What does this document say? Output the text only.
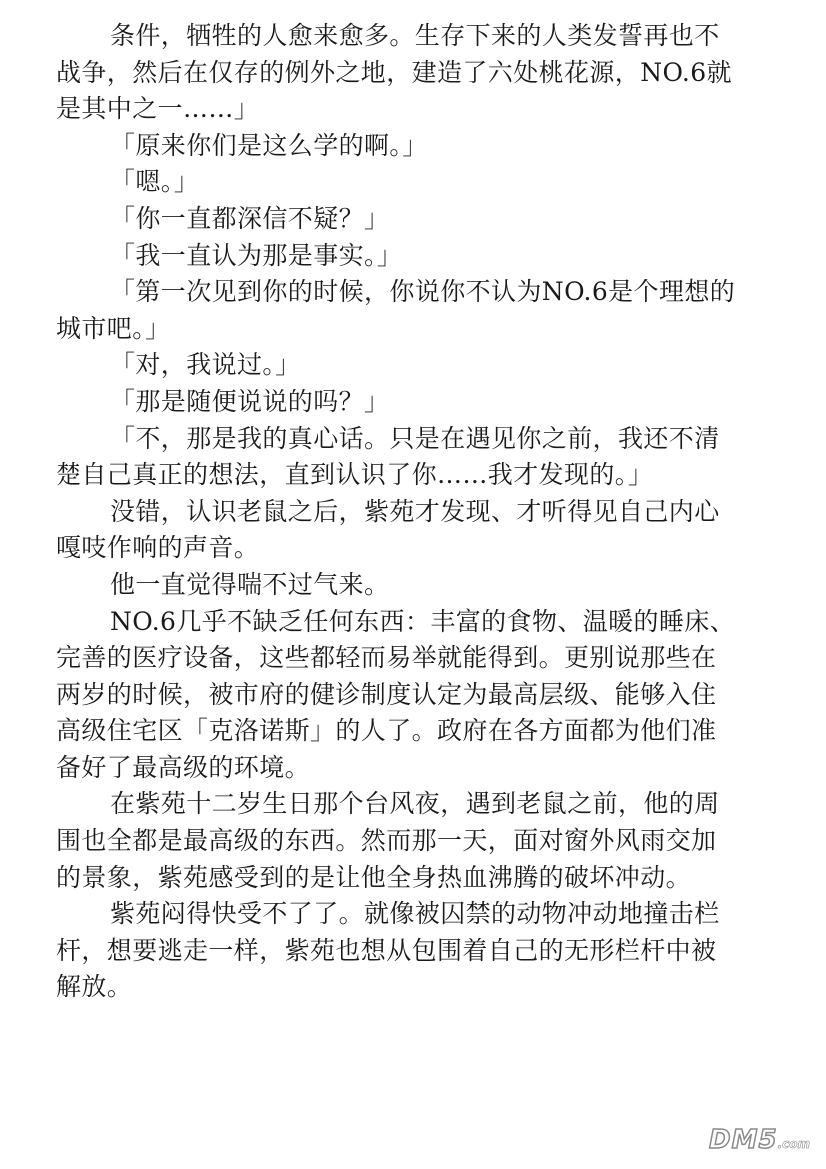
条件，牺牲的人愈来愈多。生存下来的人类发誓再也不
战争，然后在仅存的例外之地，建造了六处桃花源，NO.6就
是其中之一……」
「原来你们是这么学的啊。」
「嗯。」
「你一直都深信不疑？」
「我一直认为那是事实。」
「第一次见到你的时候，你说你不认为NO.6是个理想的
城市吧。」
「对，我说过。」
「那是随便说说的吗？」
「不，那是我的真心话。只是在遇见你之前，我还不清
楚自己真正的想法，直到认识了你……我才发现的。」
没错，认识老鼠之后，紫苑才发现、才听得见自己内心
嘎吱作响的声音。
他一直觉得喘不过气来。
NO.6几乎不缺乏任何东西：丰富的食物、温暖的睡床、
完善的医疗设备，这些都轻而易举就能得到。更别说那些在
两岁的时候，被市府的健诊制度认定为最高层级、能够入住
高级住宅区「克洛诺斯」的人了。政府在各方面都为他们准
备好了最高级的环境。
在紫苑十二岁生日那个台风夜，遇到老鼠之前，他的周
围也全都是最高级的东西。然而那一天，面对窗外风雨交加
的景象，紫苑感受到的是让他全身热血沸腾的破坏冲动。
紫苑闷得快受不了了。就像被囚禁的动物冲动地撞击栏
杆，想要逃走一样，紫苑也想从包围着自己的无形栏杆中被
解放。
DM5.com
